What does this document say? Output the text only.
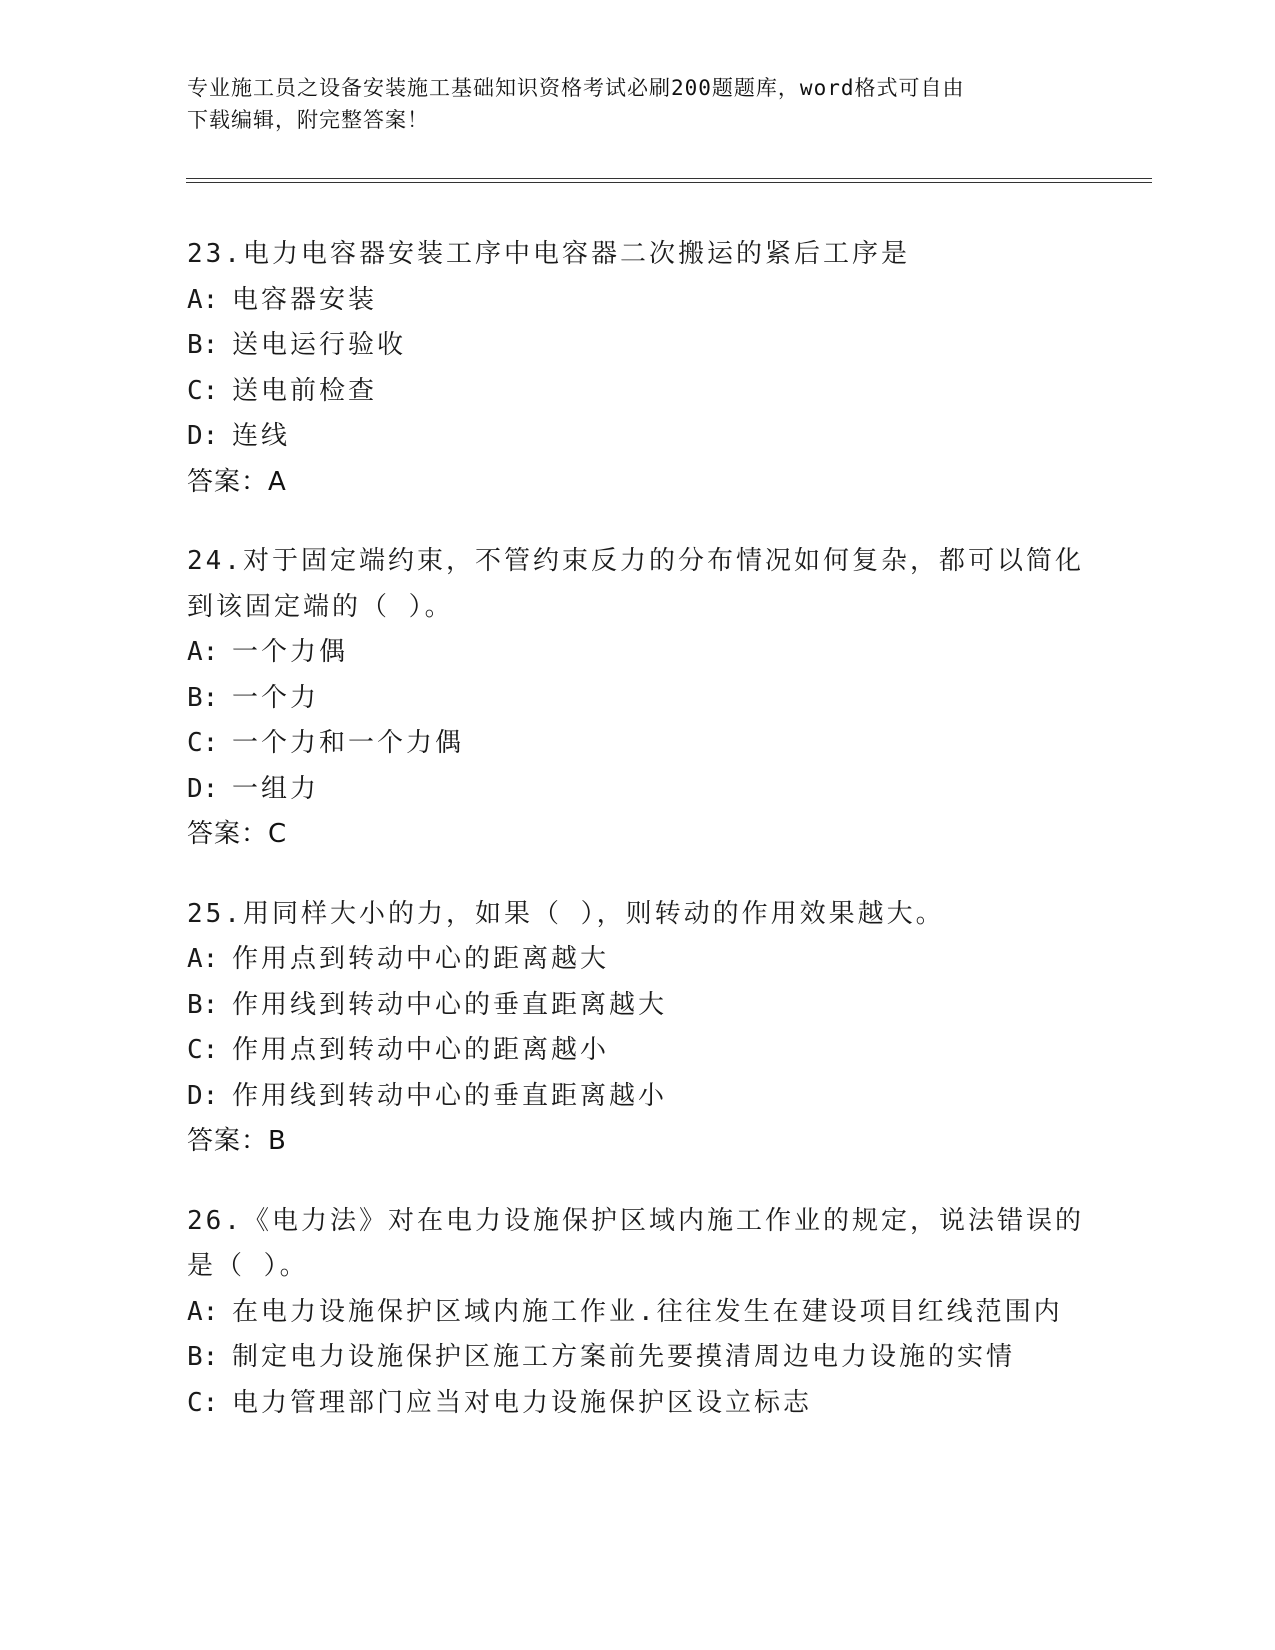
专业施工员之设备安装施工基础知识资格考试必刷200题题库，word格式可自由
下载编辑，附完整答案！

23.电力电容器安装工序中电容器二次搬运的紧后工序是

A: 电容器安装

B: 送电运行验收

C: 送电前检查

D: 连线

答案：A

24.对于固定端约束，不管约束反力的分布情况如何复杂，都可以简化

到该固定端的（ ）。

A: 一个力偶

B: 一个力

C: 一个力和一个力偶

D: 一组力

答案：C

25.用同样大小的力，如果（ ），则转动的作用效果越大。

A: 作用点到转动中心的距离越大

B: 作用线到转动中心的垂直距离越大

C: 作用点到转动中心的距离越小

D: 作用线到转动中心的垂直距离越小

答案：B

26.《电力法》对在电力设施保护区域内施工作业的规定，说法错误的

是（ ）。

A: 在电力设施保护区域内施工作业.往往发生在建设项目红线范围内

B: 制定电力设施保护区施工方案前先要摸清周边电力设施的实情

C: 电力管理部门应当对电力设施保护区设立标志
